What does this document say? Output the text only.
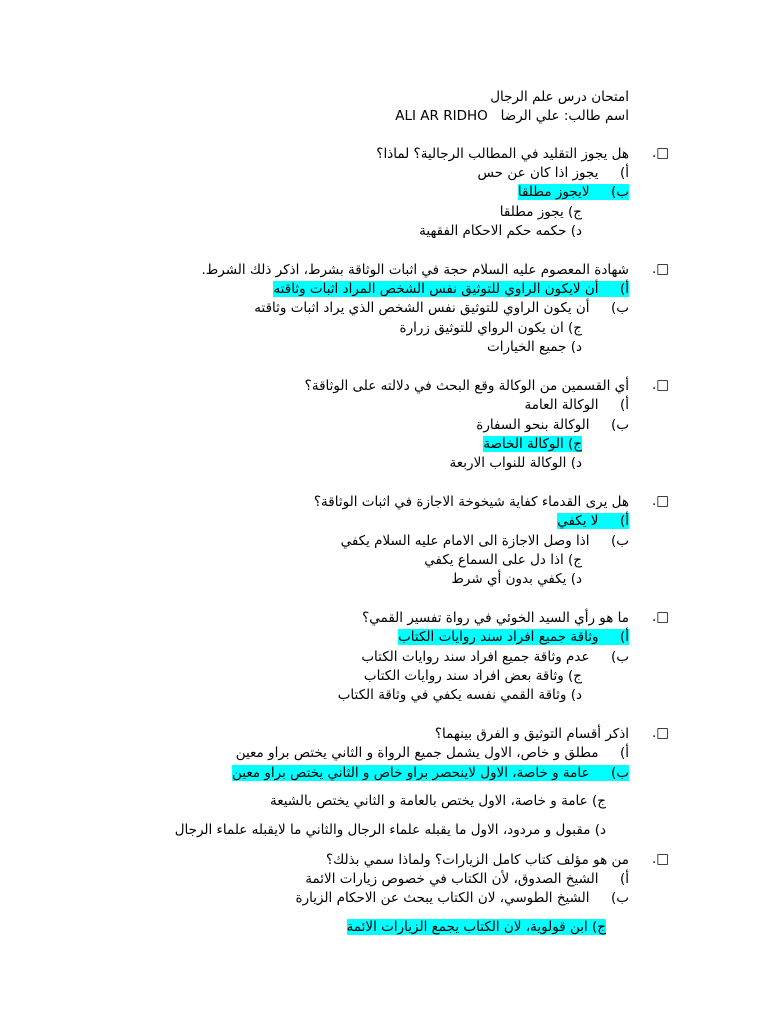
امتحان درس علم الرجال
اسم طالب: علي الرضا   ALI AR RIDHO
.□
هل يجوز التقليد في المطالب الرجالية؟ لماذا؟
أ)     يجوز اذا كان عن حس
ب)     لايجوز مطلقا
ج) يجوز مطلقا
د) حكمه حكم الاحكام الفقهية
.□
شهادة المعصوم عليه السلام حجة في اثبات الوثاقة بشرط، اذكر ذلك الشرط.
أ)     أن لايكون الراوي للتوثيق نفس الشخص المراد اثبات وثاقته
ب)     أن يكون الراوي للتوثيق نفس الشخص الذي يراد اثبات وثاقته
ج) ان يكون الرواي للتوثيق زرارة
د) جميع الخيارات
.□
أي القسمين من الوكالة وقع البحث في دلالته على الوثاقة؟
أ)     الوكالة العامة
ب)     الوكالة بنحو السفارة
ج) الوكالة الخاصة
د) الوكالة للنواب الاربعة
.□
هل يرى القدماء كفاية شيخوخة الاجازة في اثبات الوثاقة؟
أ)     لا يكفي
ب)     اذا وصل الاجازة الى الامام عليه السلام يكفي
ج) اذا دل على السماع يكفي
د) يكفي بدون أي شرط
.□
ما هو رأي السيد الخوئي في رواة تفسير القمي؟
أ)     وثاقة جميع افراد سند روايات الكتاب
ب)     عدم وثاقة جميع افراد سند روايات الكتاب
ج) وثاقة بعض افراد سند روايات الكتاب
د) وثاقة القمي نفسه يكفي في وثاقة الكتاب
.□
اذكر أقسام التوثيق و الفرق بينهما؟
أ)     مطلق و خاص، الاول يشمل جميع الرواة و الثاني يختص براو معين
ب)     عامة و خاصة، الاول لاينحصر براو خاص و الثاني يختص براو معين
ج) عامة و خاصة، الاول يختص بالعامة و الثاني يختص بالشيعة
د) مقبول و مردود، الاول ما يقبله علماء الرجال والثاني ما لايقبله علماء الرجال
.□
من هو مؤلف كتاب كامل الزيارات؟ ولماذا سمي بذلك؟
أ)     الشيخ الصدوق، لأن الكتاب في خصوص زيارات الائمة
ب)     الشيخ الطوسي، لان الكتاب يبحث عن الاحكام الزيارة
ج) ابن قولوية، لان الكتاب يجمع الزيارات الائمة
